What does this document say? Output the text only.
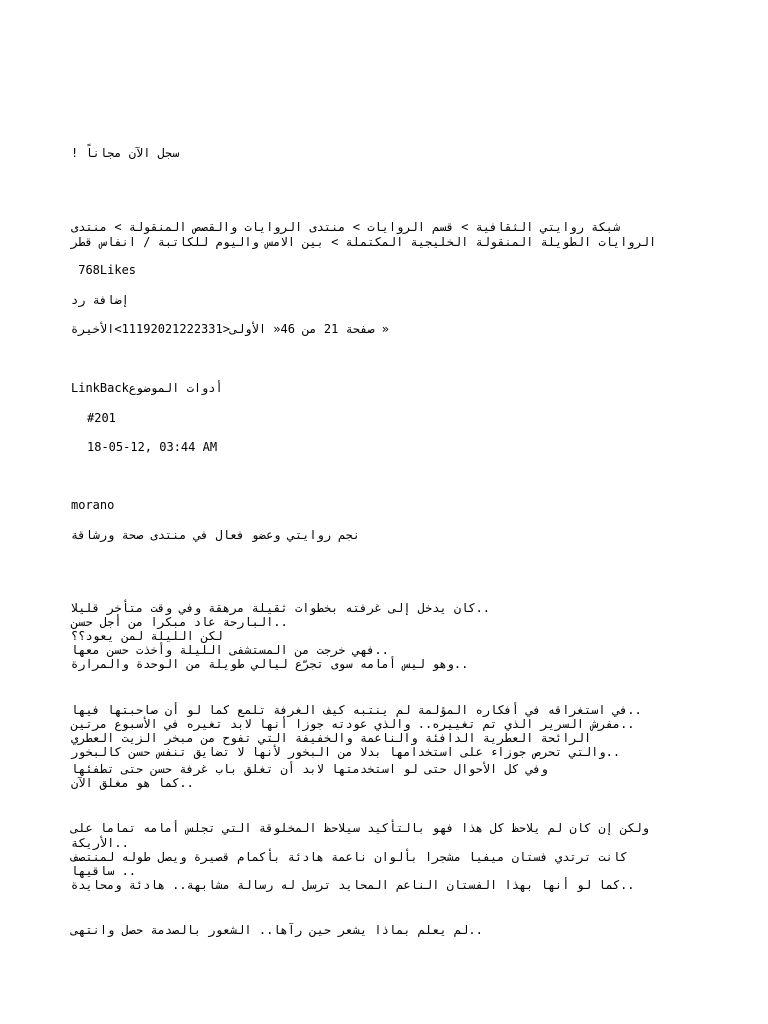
سجل الآن مجاناً !
شبكة روايتي الثقافية > قسم الروايات > منتدى الروايات والقصص المنقولة > منتدى
الروايات الطويلة المنقولة الخليجية المكتملة > بين الامس واليوم للكاتبة / انفاس قطر
768Likes
إضافة رد
« صفحة 21 من 46« الأولى<11192021222331>الأخيرة
LinkBackأدوات الموضوع
#201
18-05-12, 03:44 AM
morano
نجم روايتي وعضو فعال في منتدى صحة ورشاقة
..كان يدخل إلى غرفته بخطوات ثقيلة مرهقة وفي وقت متأخر قليلا
..البارحة عاد مبكرا من أجل حسن
لكن الليلة لمن يعود؟؟
..فهي خرجت من المستشفى الليلة وأخذت حسن معها
..وهو ليس أمامه سوى تجرّع ليالي طويلة من الوحدة والمرارة
..في استغراقه في أفكاره المؤلمة لم ينتبه كيف الغرفة تلمع كما لو أن صاحبتها فيها
..مفرش السرير الذي تم تغييره.. والذي عودته جوزا أنها لابد تغيره في الأسبوع مرتين
الرائحة العطرية الدافئة والناعمة والخفيفة التي تفوح من مبخر الزيت العطري
..والتي تحرص جوزاء على استخدامها بدلا من البخور لأنها لا تضايق تنفس حسن كالبخور
وفي كل الأحوال حتى لو استخدمتها لابد أن تغلق باب غرفة حسن حتى تطفئها
..كما هو مغلق الآن
ولكن إن كان لم يلاحظ كل هذا فهو بالتأكيد سيلاحظ المخلوقة التي تجلس أمامه تماما على
..الأريكة
كانت ترتدي فستان ميفيا مشجرا بألوان ناعمة هادئة بأكمام قصيرة ويصل طوله لمنتصف
.. ساقيها
..كما لو أنها بهذا الفستان الناعم المحايد ترسل له رسالة مشابهة.. هادئة ومحايدة
..لم يعلم بماذا يشعر حين رآها.. الشعور بالصدمة حصل وانتهى
